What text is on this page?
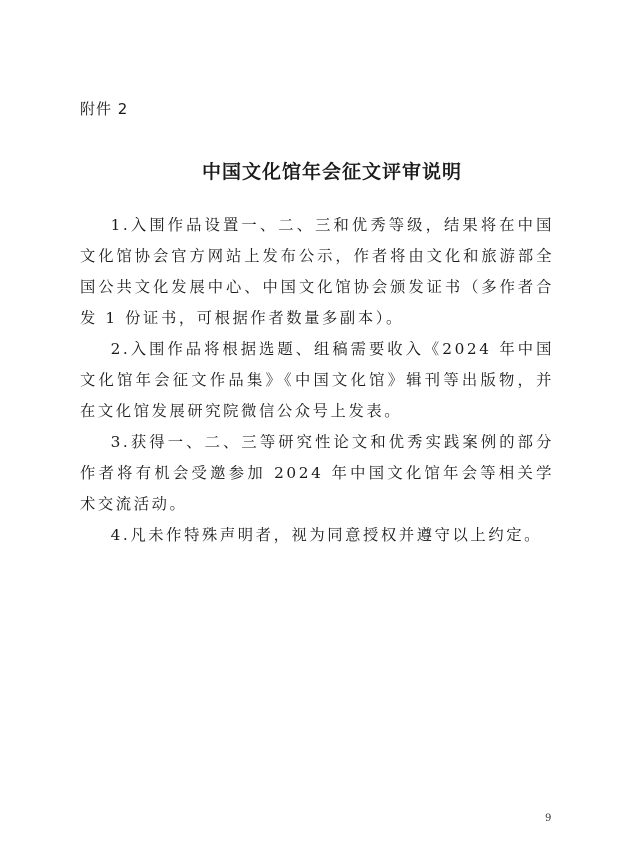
附件 2
中国文化馆年会征文评审说明

1.入围作品设置一、二、三和优秀等级，结果将在中国文化馆协会官方网站上发布公示，作者将由文化和旅游部全国公共文化发展中心、中国文化馆协会颁发证书（多作者合发 1 份证书，可根据作者数量多副本）。

2.入围作品将根据选题、组稿需要收入《2024 年中国文化馆年会征文作品集》《中国文化馆》辑刊等出版物，并在文化馆发展研究院微信公众号上发表。

3.获得一、二、三等研究性论文和优秀实践案例的部分作者将有机会受邀参加 2024 年中国文化馆年会等相关学术交流活动。

4.凡未作特殊声明者，视为同意授权并遵守以上约定。

9
